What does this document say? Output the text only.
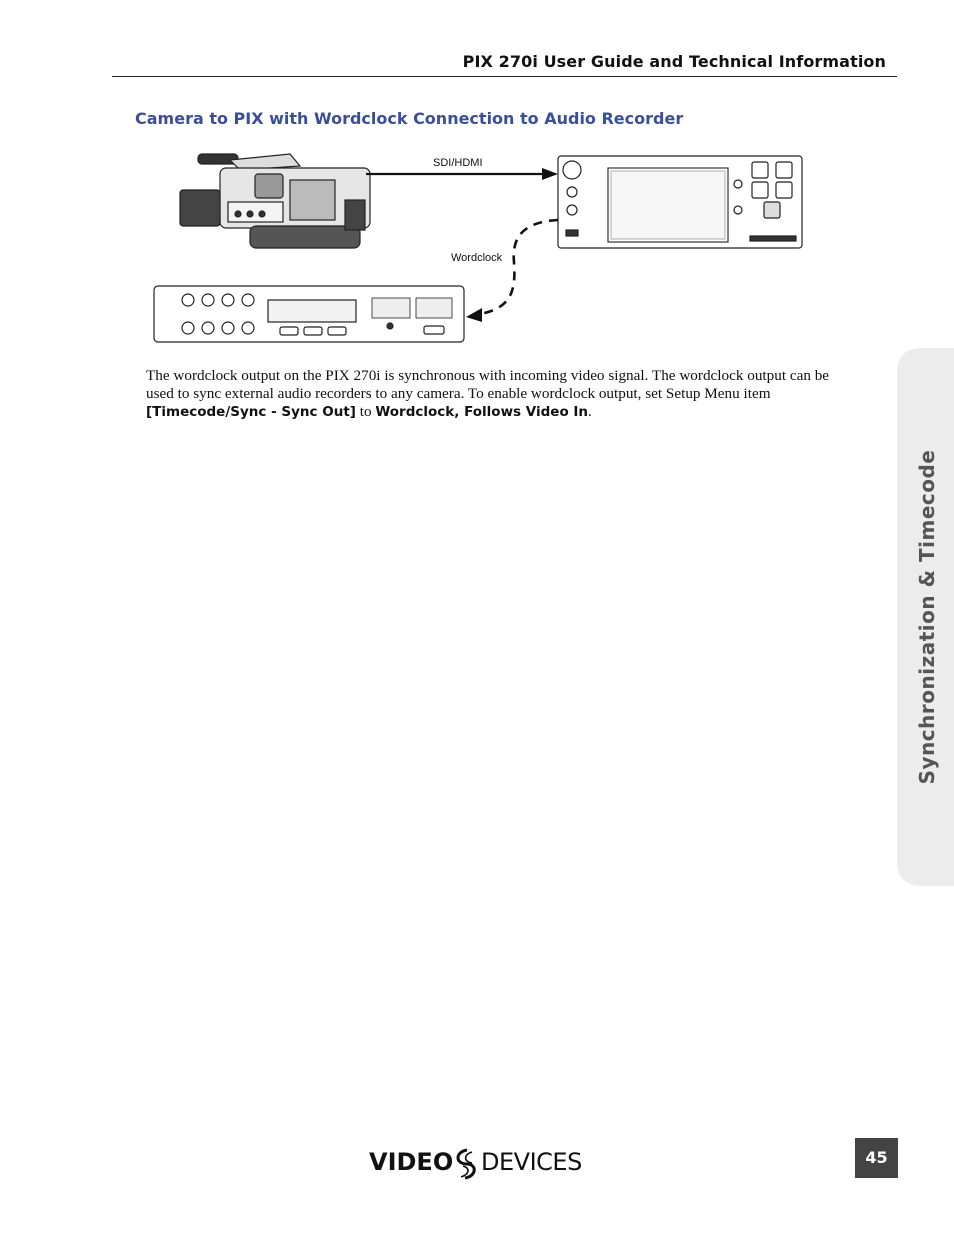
PIX 270i User Guide and Technical Information
Camera to PIX with Wordclock Connection to Audio Recorder
SDI/HDMI
Wordclock

The wordclock output on the PIX 270i is synchronous with incoming video signal. The wordclock output can be used to sync external audio recorders to any camera. To enable wordclock output, set Setup Menu item [Timecode/Sync - Sync Out] to Wordclock, Follows Video In.

Synchronization & Timecode
VIDEO DEVICES	45
